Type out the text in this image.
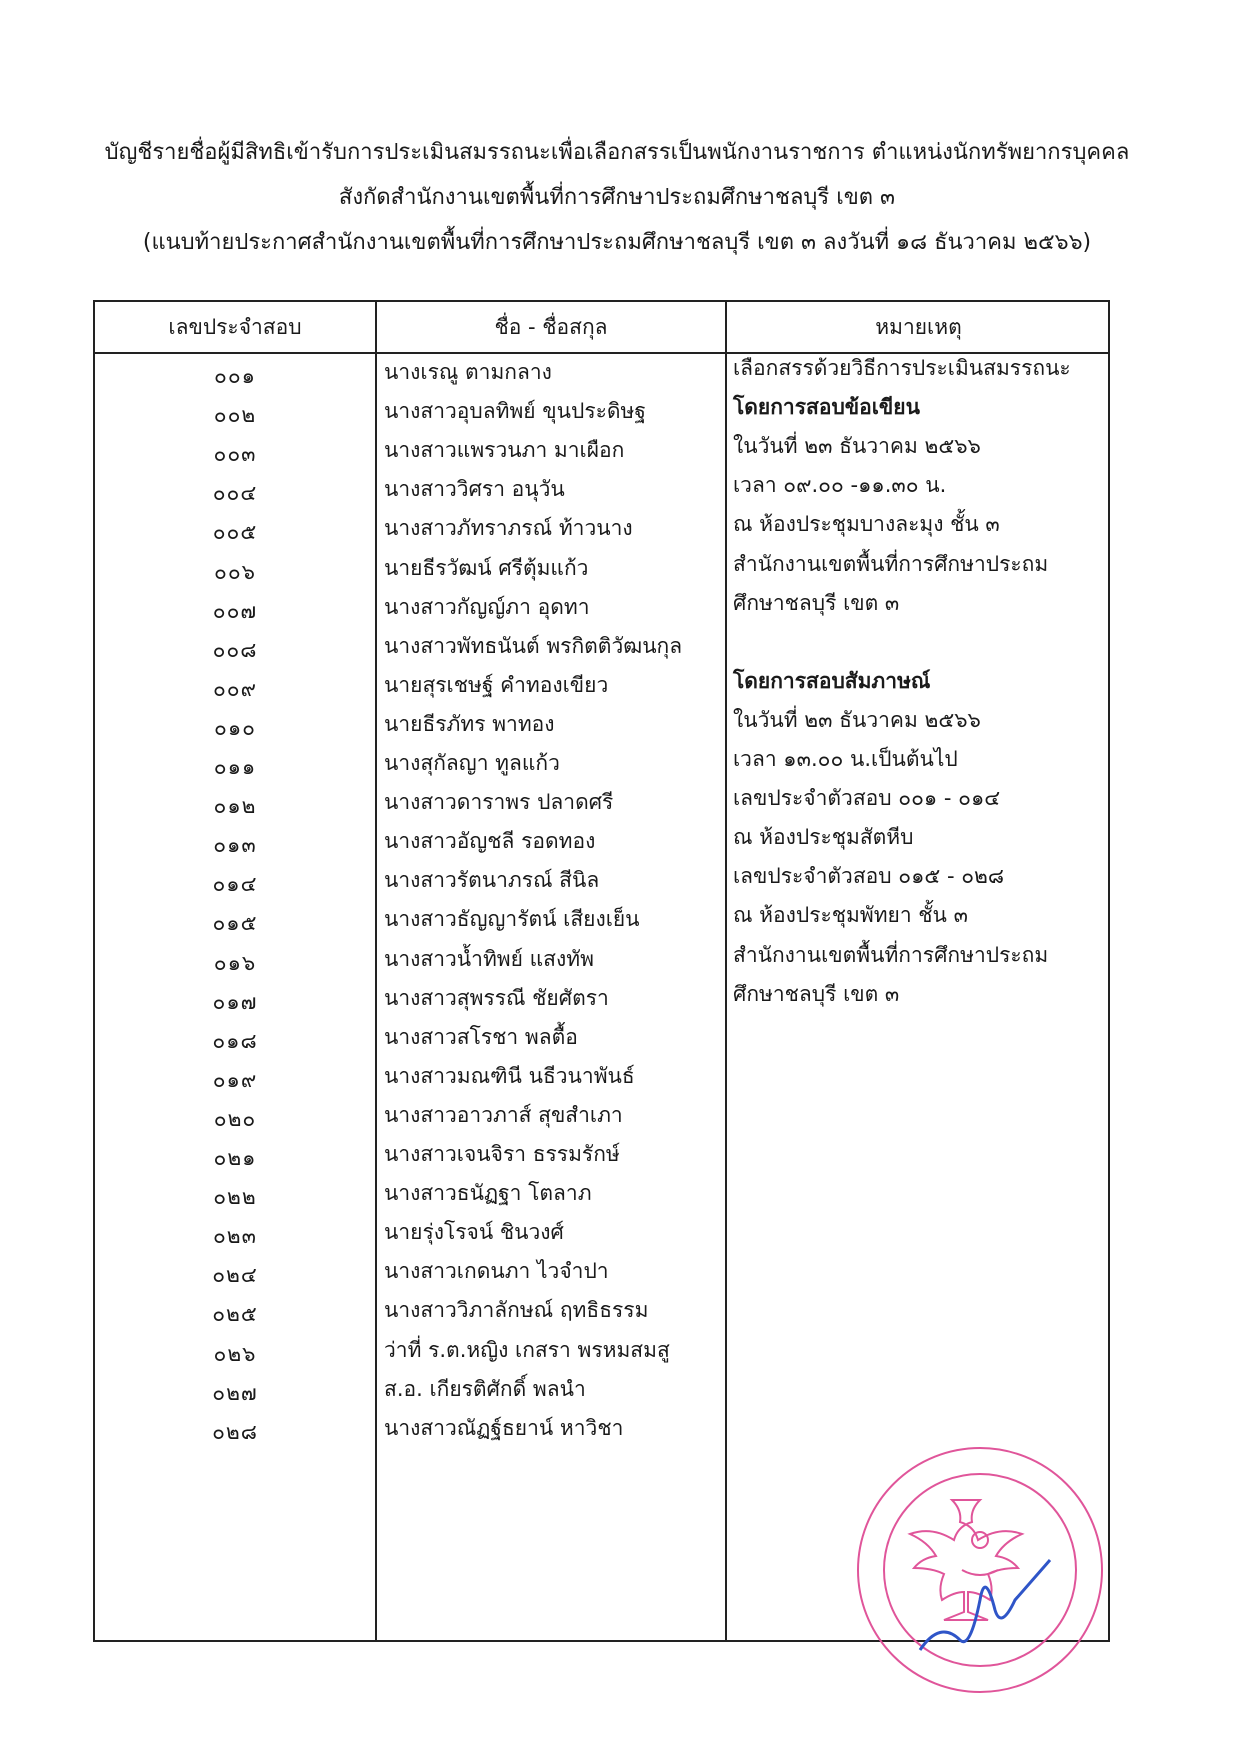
บัญชีรายชื่อผู้มีสิทธิเข้ารับการประเมินสมรรถนะเพื่อเลือกสรรเป็นพนักงานราชการ ตำแหน่งนักทรัพยากรบุคคล
สังกัดสำนักงานเขตพื้นที่การศึกษาประถมศึกษาชลบุรี เขต ๓
(แนบท้ายประกาศสำนักงานเขตพื้นที่การศึกษาประถมศึกษาชลบุรี เขต ๓ ลงวันที่ ๑๘ ธันวาคม ๒๕๖๖)
เลขประจำสอบ	ชื่อ - ชื่อสกุล	หมายเหตุ
๐๐๑	นางเรณู ตามกลาง
๐๐๒	นางสาวอุบลทิพย์ ขุนประดิษฐ
๐๐๓	นางสาวแพรวนภา มาเผือก
๐๐๔	นางสาววิศรา อนุวัน
๐๐๕	นางสาวภัทราภรณ์ ท้าวนาง
๐๐๖	นายธีรวัฒน์ ศรีตุ้มแก้ว
๐๐๗	นางสาวกัญญ์ภา อุดทา
๐๐๘	นางสาวพัทธนันต์ พรกิตติวัฒนกุล
๐๐๙	นายสุรเชษฐ์ คำทองเขียว
๐๑๐	นายธีรภัทร พาทอง
๐๑๑	นางสุกัลญา ทูลแก้ว
๐๑๒	นางสาวดาราพร ปลาดศรี
๐๑๓	นางสาวอัญชลี รอดทอง
๐๑๔	นางสาวรัตนาภรณ์ สีนิล
๐๑๕	นางสาวธัญญารัตน์ เสียงเย็น
๐๑๖	นางสาวน้ำทิพย์ แสงทัพ
๐๑๗	นางสาวสุพรรณี ชัยศัตรา
๐๑๘	นางสาวสโรชา พลตื้อ
๐๑๙	นางสาวมณฑินี นธีวนาพันธ์
๐๒๐	นางสาวอาวภาส์ สุขสำเภา
๐๒๑	นางสาวเจนจิรา ธรรมรักษ์
๐๒๒	นางสาวธนัฏฐา โตลาภ
๐๒๓	นายรุ่งโรจน์ ชินวงศ์
๐๒๔	นางสาวเกดนภา ไวจำปา
๐๒๕	นางสาววิภาลักษณ์ ฤทธิธรรม
๐๒๖	ว่าที่ ร.ต.หญิง เกสรา พรหมสมสู
๐๒๗	ส.อ. เกียรติศักดิ์ พลนำ
๐๒๘	นางสาวณัฏฐ์ธยาน์ หาวิชา
เลือกสรรด้วยวิธีการประเมินสมรรถนะ
โดยการสอบข้อเขียน
ในวันที่ ๒๓ ธันวาคม ๒๕๖๖
เวลา ๐๙.๐๐ -๑๑.๓๐ น.
ณ ห้องประชุมบางละมุง ชั้น ๓
สำนักงานเขตพื้นที่การศึกษาประถม
ศึกษาชลบุรี เขต ๓
โดยการสอบสัมภาษณ์
ในวันที่ ๒๓ ธันวาคม ๒๕๖๖
เวลา ๑๓.๐๐ น.เป็นต้นไป
เลขประจำตัวสอบ ๐๐๑ - ๐๑๔
ณ ห้องประชุมสัตหีบ
เลขประจำตัวสอบ ๐๑๕ - ๐๒๘
ณ ห้องประชุมพัทยา ชั้น ๓
สำนักงานเขตพื้นที่การศึกษาประถม
ศึกษาชลบุรี เขต ๓
